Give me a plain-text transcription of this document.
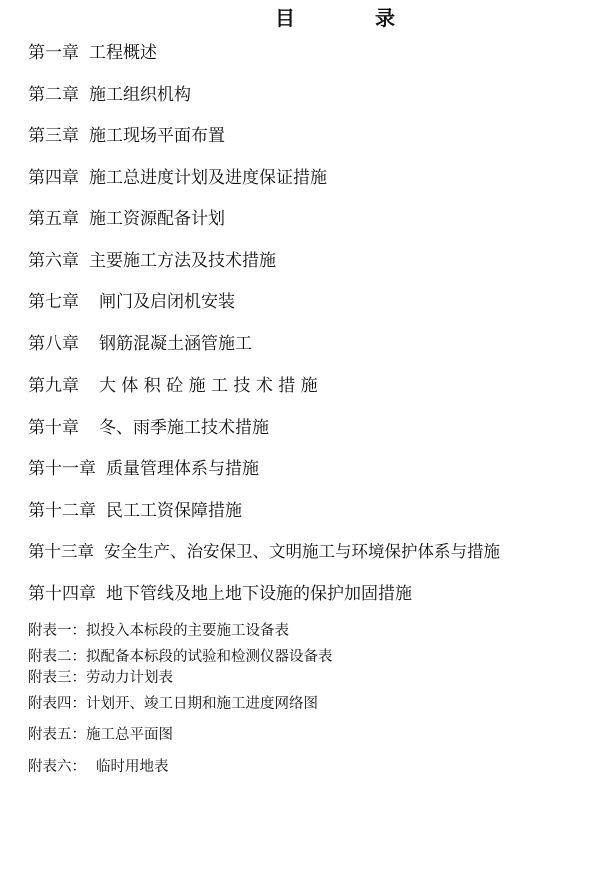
目　录
第一章 工程概述
第二章 施工组织机构
第三章 施工现场平面布置
第四章 施工总进度计划及进度保证措施
第五章 施工资源配备计划
第六章 主要施工方法及技术措施
第七章 闸门及启闭机安装
第八章 钢筋混凝土涵管施工
第九章 大 体 积 砼 施 工 技 术 措 施
第十章 冬、雨季施工技术措施
第十一章 质量管理体系与措施
第十二章 民工工资保障措施
第十三章 安全生产、治安保卫、文明施工与环境保护体系与措施
第十四章 地下管线及地上地下设施的保护加固措施
附表一：拟投入本标段的主要施工设备表
附表二：拟配备本标段的试验和检测仪器设备表
附表三：劳动力计划表
附表四：计划开、竣工日期和施工进度网络图
附表五：施工总平面图
附表六： 临时用地表
